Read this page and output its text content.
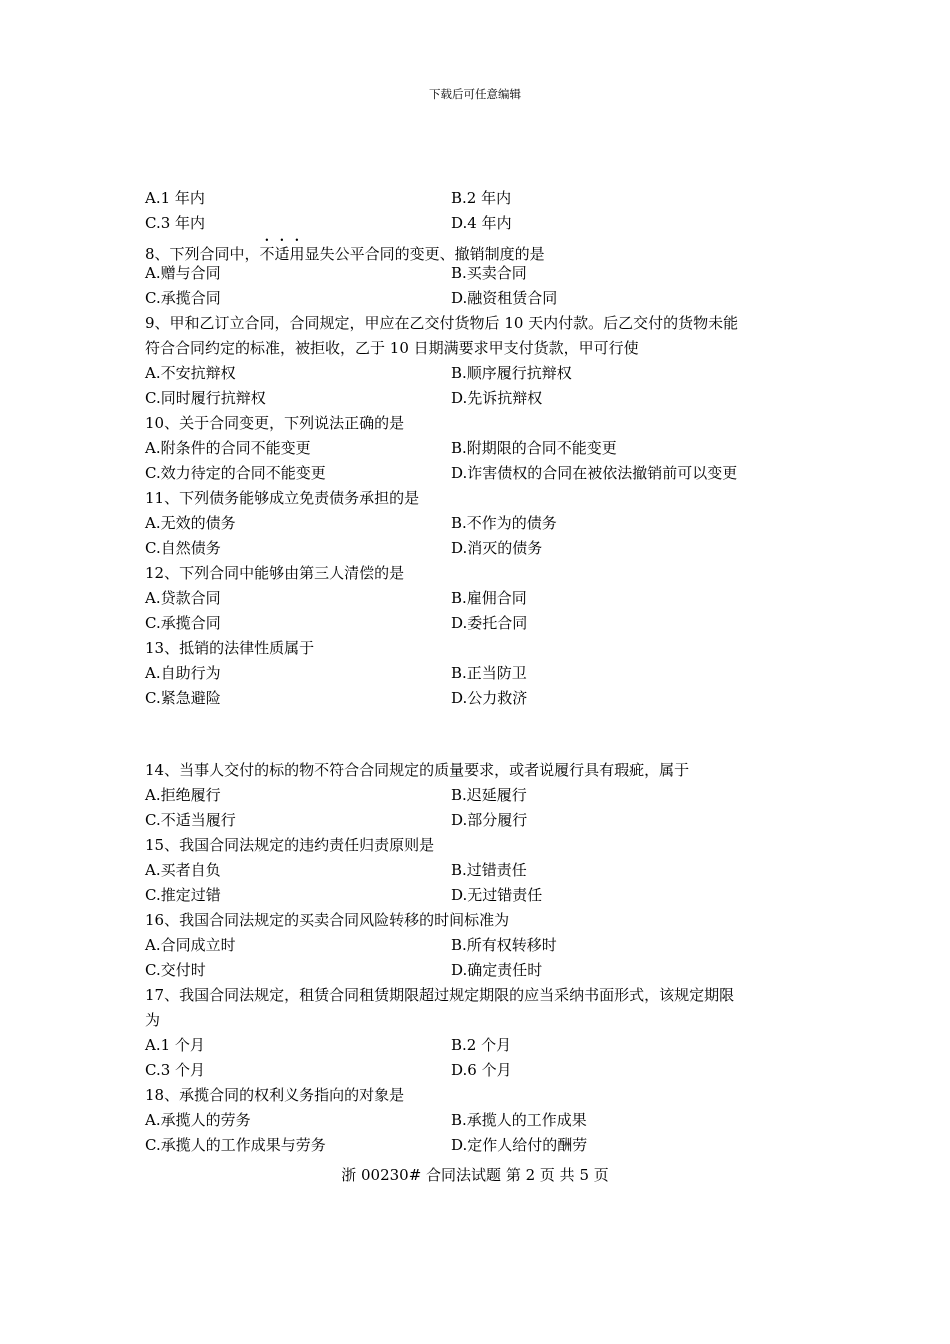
下载后可任意编辑
A.1 年内	B.2 年内
C.3 年内	D.4 年内
8、下列合同中，不适用显失公平合同的变更、撤销制度的是
A.赠与合同	B.买卖合同
C.承揽合同	D.融资租赁合同
9、甲和乙订立合同，合同规定，甲应在乙交付货物后 10 天内付款。后乙交付的货物未能
符合合同约定的标准，被拒收，乙于 10 日期满要求甲支付货款，甲可行使
A.不安抗辩权	B.顺序履行抗辩权
C.同时履行抗辩权	D.先诉抗辩权
10、关于合同变更，下列说法正确的是
A.附条件的合同不能变更	B.附期限的合同不能变更
C.效力待定的合同不能变更	D.诈害债权的合同在被依法撤销前可以变更
11、下列债务能够成立免责债务承担的是
A.无效的债务	B.不作为的债务
C.自然债务	D.消灭的债务
12、下列合同中能够由第三人清偿的是
A.贷款合同	B.雇佣合同
C.承揽合同	D.委托合同
13、抵销的法律性质属于
A.自助行为	B.正当防卫
C.紧急避险	D.公力救济
14、当事人交付的标的物不符合合同规定的质量要求，或者说履行具有瑕疵，属于
A.拒绝履行	B.迟延履行
C.不适当履行	D.部分履行
15、我国合同法规定的违约责任归责原则是
A.买者自负	B.过错责任
C.推定过错	D.无过错责任
16、我国合同法规定的买卖合同风险转移的时间标准为
A.合同成立时	B.所有权转移时
C.交付时	D.确定责任时
17、我国合同法规定，租赁合同租赁期限超过规定期限的应当采纳书面形式，该规定期限
为
A.1 个月	B.2 个月
C.3 个月	D.6 个月
18、承揽合同的权利义务指向的对象是
A.承揽人的劳务	B.承揽人的工作成果
C.承揽人的工作成果与劳务	D.定作人给付的酬劳
浙 00230# 合同法试题 第 2 页 共 5 页
